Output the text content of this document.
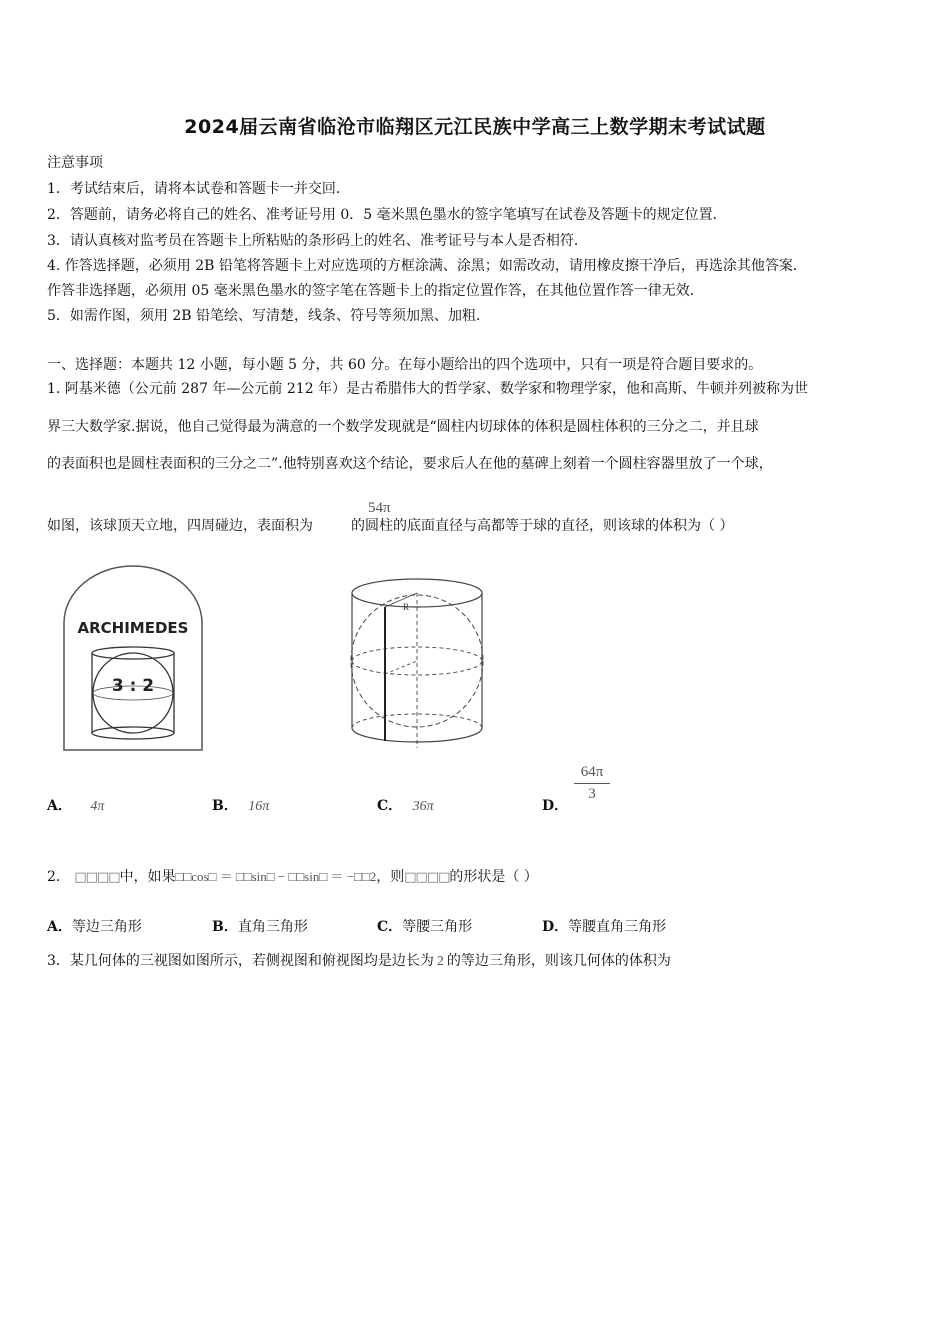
2024届云南省临沧市临翔区元江民族中学高三上数学期末考试试题
注意事项
1．考试结束后，请将本试卷和答题卡一并交回．
2．答题前，请务必将自己的姓名、准考证号用 0．5 毫米黑色墨水的签字笔填写在试卷及答题卡的规定位置．
3．请认真核对监考员在答题卡上所粘贴的条形码上的姓名、准考证号与本人是否相符．
4. 作答选择题，必须用 2B 铅笔将答题卡上对应选项的方框涂满、涂黑；如需改动，请用橡皮擦干净后，再选涂其他答案．
作答非选择题，必须用 05 毫米黑色墨水的签字笔在答题卡上的指定位置作答，在其他位置作答一律无效．
5．如需作图，须用 2B 铅笔绘、写清楚，线条、符号等须加黑、加粗．
一、选择题：本题共 12 小题，每小题 5 分，共 60 分。在每小题给出的四个选项中，只有一项是符合题目要求的。
1. 阿基米德（公元前 287 年—公元前 212 年）是古希腊伟大的哲学家、数学家和物理学家，他和高斯、牛顿并列被称为世
界三大数学家.据说，他自己觉得最为满意的一个数学发现就是“圆柱内切球体的体积是圆柱体积的三分之二，并且球
的表面积也是圆柱表面积的三分之二”.他特别喜欢这个结论，要求后人在他的墓碑上刻着一个圆柱容器里放了一个球，
如图，该球顶天立地，四周碰边，表面积为	的圆柱的底面直径与高都等于球的直径，则该球的体积为（ ）
54π
ARCHIMEDES
3 : 2
R
A． 4π	B． 16π	C． 36π	D．
$\frac{64\pi}{3}$
2． □□□□中，如果□□cos□ ＝ □□sin□ − □□sin□ ＝ −□□2，则□□□□的形状是（ ）
A．等边三角形	B．直角三角形	C．等腰三角形	D．等腰直角三角形
3．某几何体的三视图如图所示，若侧视图和俯视图均是边长为 2 的等边三角形，则该几何体的体积为
